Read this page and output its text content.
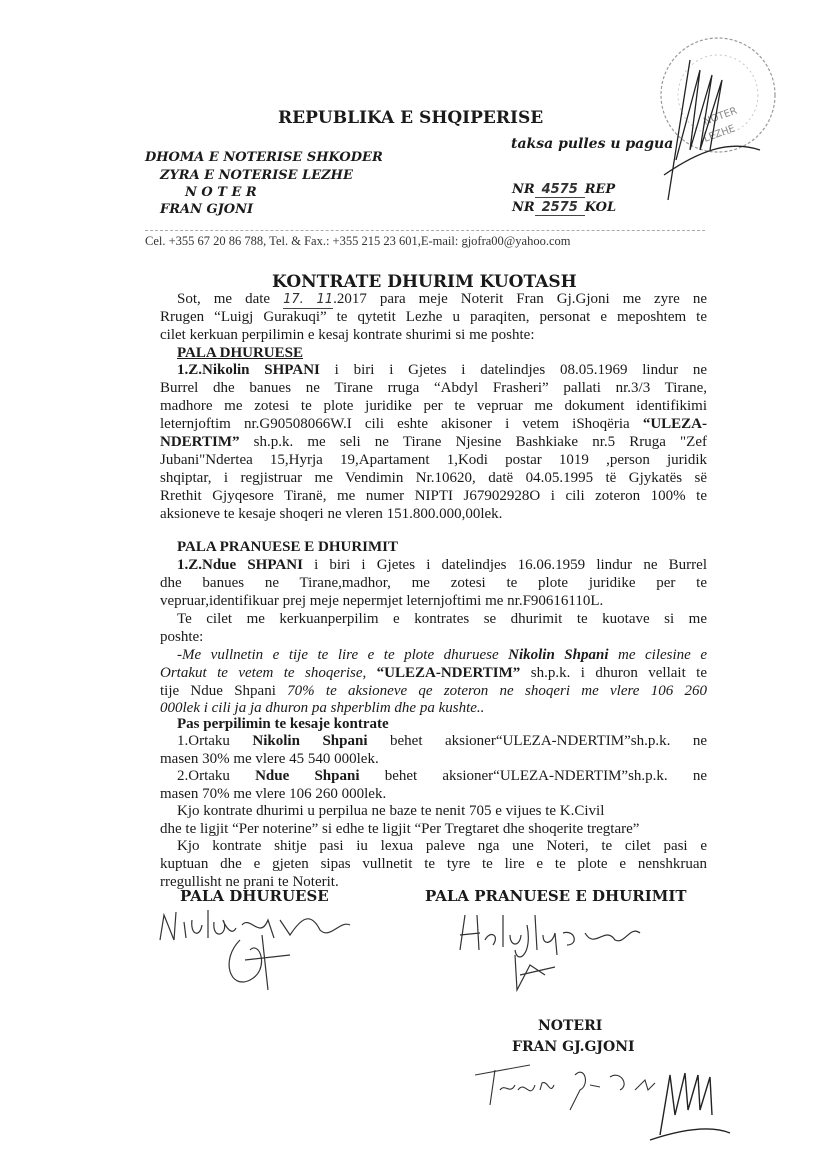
REPUBLIKA E SHQIPERISE
taksa pulles u pagua
DHOMA E NOTERISE SHKODER
ZYRA E NOTERISE LEZHE
N O T E R
FRAN GJONI
NR 4575 REP
NR 2575 KOL
LEZHE
NOTER
Cel. +355 67 20 86 788, Tel. & Fax.: +355 215 23 601,E-mail: gjofra00@yahoo.com
KONTRATE DHURIM KUOTASH
Sot, me date 17. 11.2017 para meje Noterit Fran Gj.Gjoni me zyre ne
Rrugen “Luigj Gurakuqi” te qytetit Lezhe u paraqiten, personat e meposhtem te
cilet kerkuan perpilimin e kesaj kontrate shurimi si me poshte:
PALA DHURUESE
1.Z.Nikolin SHPANI i biri i Gjetes i datelindjes 08.05.1969 lindur ne
Burrel dhe banues ne Tirane rruga “Abdyl Frasheri” pallati nr.3/3 Tirane,
madhore me zotesi te plote juridike per te vepruar me dokument identifikimi
leternjoftim nr.G90508066W.I cili eshte akisoner i vetem iShoqëria “ULEZA-
NDERTIM” sh.p.k. me seli ne Tirane Njesine Bashkiake nr.5 Rruga "Zef
Jubani"Ndertea 15,Hyrja 19,Apartament 1,Kodi postar 1019 ,person juridik
shqiptar, i regjistruar me Vendimin Nr.10620, datë 04.05.1995 të Gjykatës së
Rrethit Gjyqesore Tiranë, me numer NIPTI J67902928O i cili zoteron 100% te
aksioneve te kesaje shoqeri ne vleren 151.800.000,00lek.
PALA PRANUESE E DHURIMIT
1.Z.Ndue SHPANI i biri i Gjetes i datelindjes 16.06.1959 lindur ne Burrel
dhe banues ne Tirane,madhor, me zotesi te plote juridike per te
vepruar,identifikuar prej meje nepermjet leternjoftimi me nr.F90616110L.
Te cilet me kerkuanperpilim e kontrates se dhurimit te kuotave si me
poshte:
-Me vullnetin e tije te lire e te plote dhuruese Nikolin Shpani me cilesine e
Ortakut te vetem te shoqerise, “ULEZA-NDERTIM” sh.p.k. i dhuron vellait te
tije Ndue Shpani 70% te aksioneve qe zoteron ne shoqeri me vlere 106 260
000lek i cili ja ja dhuron pa shperblim dhe pa kushte..
Pas perpilimin te kesaje kontrate
1.Ortaku Nikolin Shpani behet aksioner“ULEZA-NDERTIM”sh.p.k. ne
masen 30% me vlere 45 540 000lek.
2.Ortaku Ndue Shpani behet aksioner“ULEZA-NDERTIM”sh.p.k. ne
masen 70% me vlere 106 260 000lek.
Kjo kontrate dhurimi u perpilua ne baze te nenit 705 e vijues te K.Civil
dhe te ligjit “Per noterine” si edhe te ligjit “Per Tregtaret dhe shoqerite tregtare”
Kjo kontrate shitje pasi iu lexua paleve nga une Noteri, te cilet pasi e
kuptuan dhe e gjeten sipas vullnetit te tyre te lire e te plote e nenshkruan
rregullisht ne prani te Noterit.
PALA DHURUESE	PALA PRANUESE E DHURIMIT
NOTERI
FRAN GJ.GJONI
